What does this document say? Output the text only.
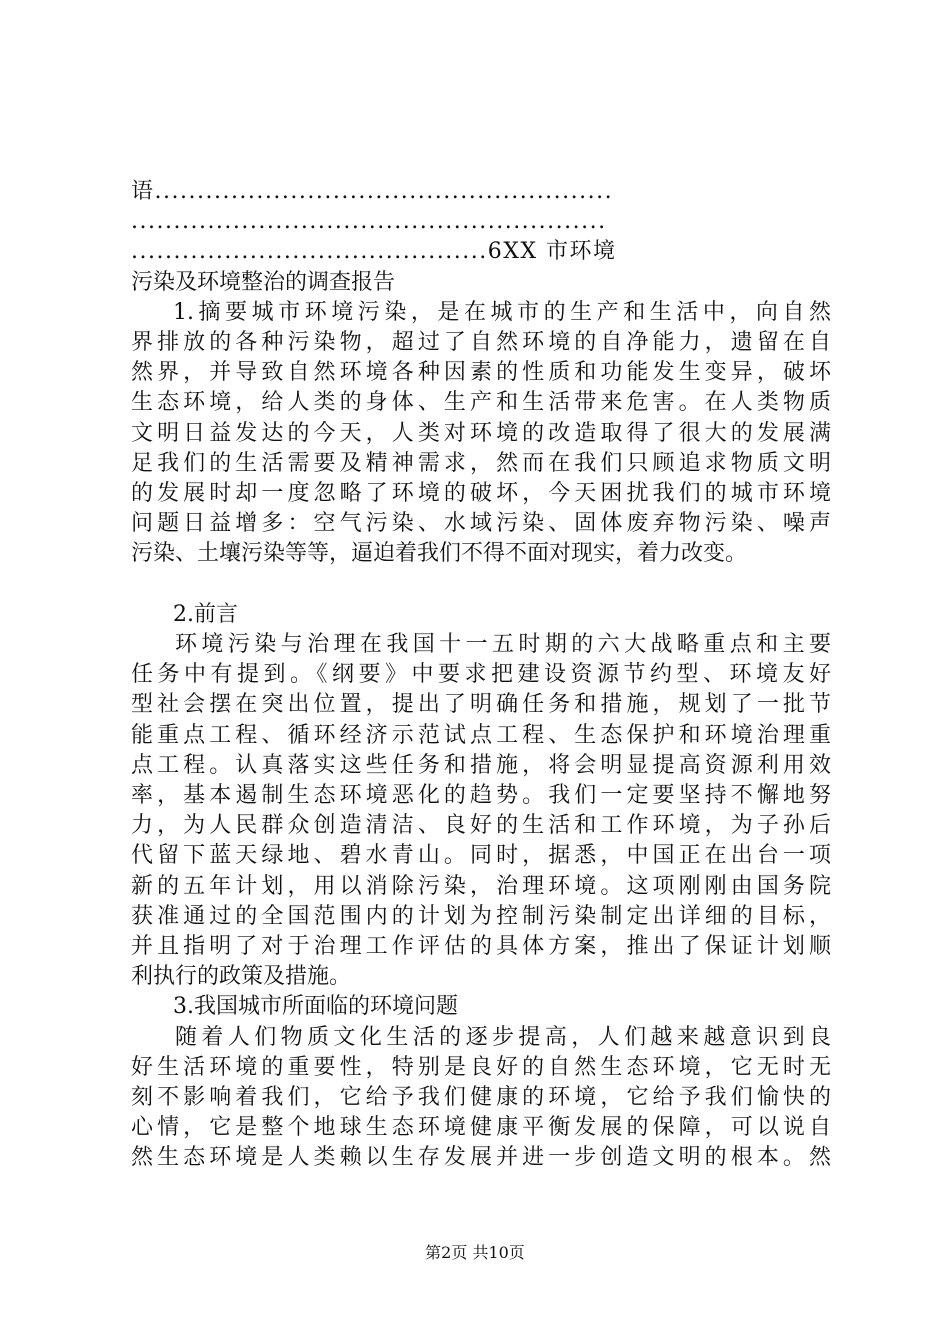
语......................................................
........................................................
..........................................6XX 市环境
污染及环境整治的调查报告
1.摘要城市环境污染，是在城市的生产和生活中，向自然
界排放的各种污染物，超过了自然环境的自净能力，遗留在自
然界，并导致自然环境各种因素的性质和功能发生变异，破坏
生态环境，给人类的身体、生产和生活带来危害。在人类物质
文明日益发达的今天，人类对环境的改造取得了很大的发展满
足我们的生活需要及精神需求，然而在我们只顾追求物质文明
的发展时却一度忽略了环境的破坏，今天困扰我们的城市环境
问题日益增多：空气污染、水域污染、固体废弃物污染、噪声
污染、土壤污染等等，逼迫着我们不得不面对现实，着力改变。
2.前言
环境污染与治理在我国十一五时期的六大战略重点和主要
任务中有提到。《纲要》中要求把建设资源节约型、环境友好
型社会摆在突出位置，提出了明确任务和措施，规划了一批节
能重点工程、循环经济示范试点工程、生态保护和环境治理重
点工程。认真落实这些任务和措施，将会明显提高资源利用效
率，基本遏制生态环境恶化的趋势。我们一定要坚持不懈地努
力，为人民群众创造清洁、良好的生活和工作环境，为子孙后
代留下蓝天绿地、碧水青山。同时，据悉，中国正在出台一项
新的五年计划，用以消除污染，治理环境。这项刚刚由国务院
获准通过的全国范围内的计划为控制污染制定出详细的目标，
并且指明了对于治理工作评估的具体方案，推出了保证计划顺
利执行的政策及措施。
3.我国城市所面临的环境问题
随着人们物质文化生活的逐步提高，人们越来越意识到良
好生活环境的重要性，特别是良好的自然生态环境，它无时无
刻不影响着我们，它给予我们健康的环境，它给予我们愉快的
心情，它是整个地球生态环境健康平衡发展的保障，可以说自
然生态环境是人类赖以生存发展并进一步创造文明的根本。然
第2页 共10页
